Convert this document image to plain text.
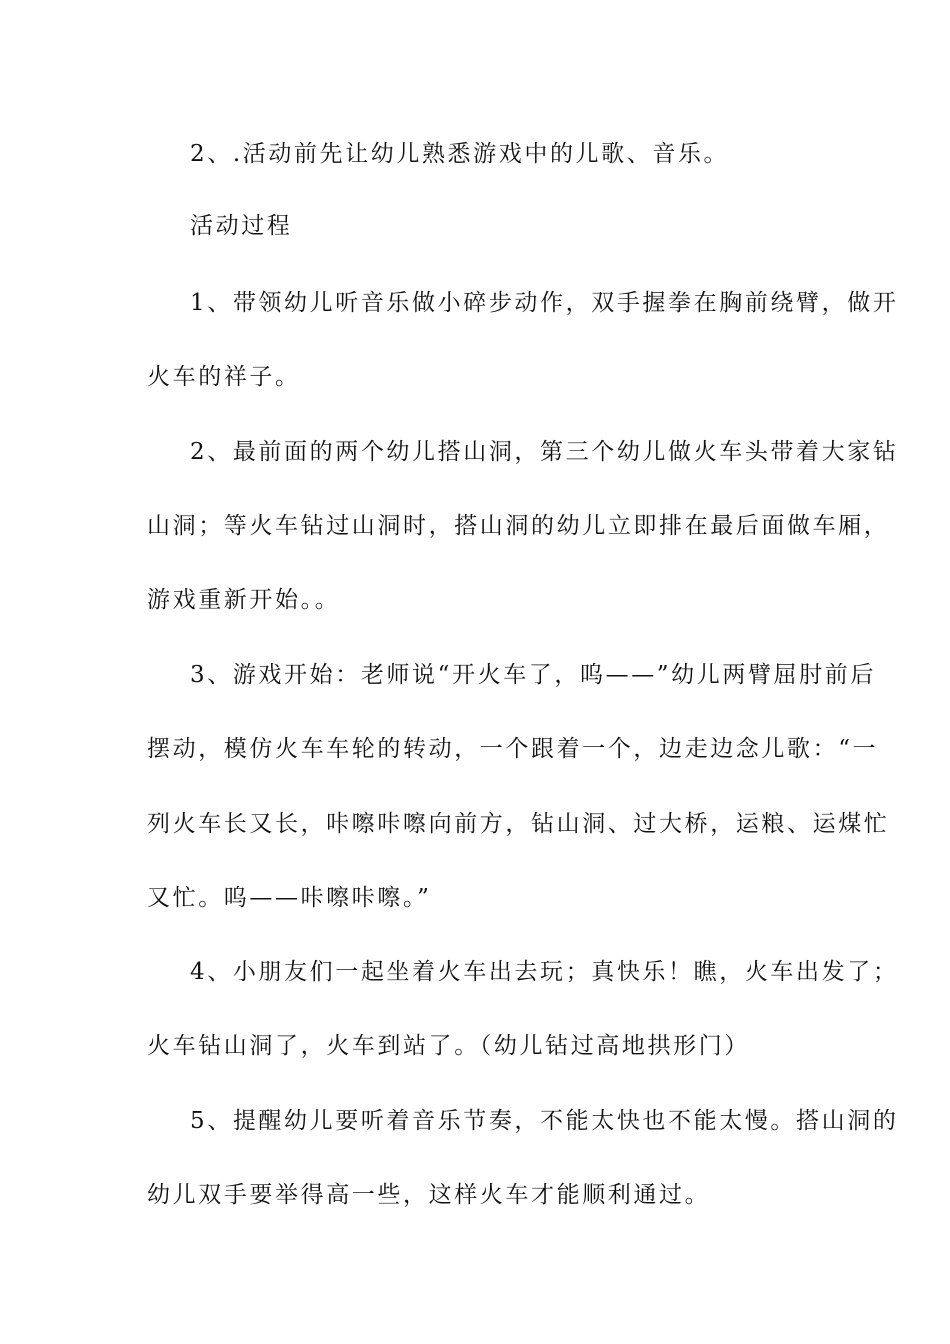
2、.活动前先让幼儿熟悉游戏中的儿歌、音乐。
活动过程
1、带领幼儿听音乐做小碎步动作，双手握拳在胸前绕臂，做开
火车的祥子。
2、最前面的两个幼儿搭山洞，第三个幼儿做火车头带着大家钻
山洞；等火车钻过山洞时，搭山洞的幼儿立即排在最后面做车厢，
游戏重新开始。。
3、游戏开始：老师说“开火车了，呜——”幼儿两臂屈肘前后
摆动，模仿火车车轮的转动，一个跟着一个，边走边念儿歌：“一
列火车长又长，咔嚓咔嚓向前方，钻山洞、过大桥，运粮、运煤忙
又忙。呜——咔嚓咔嚓。”
4、小朋友们一起坐着火车出去玩；真快乐！瞧，火车出发了；
火车钻山洞了，火车到站了。（幼儿钻过高地拱形门）
5、提醒幼儿要听着音乐节奏，不能太快也不能太慢。搭山洞的
幼儿双手要举得高一些，这样火车才能顺利通过。
